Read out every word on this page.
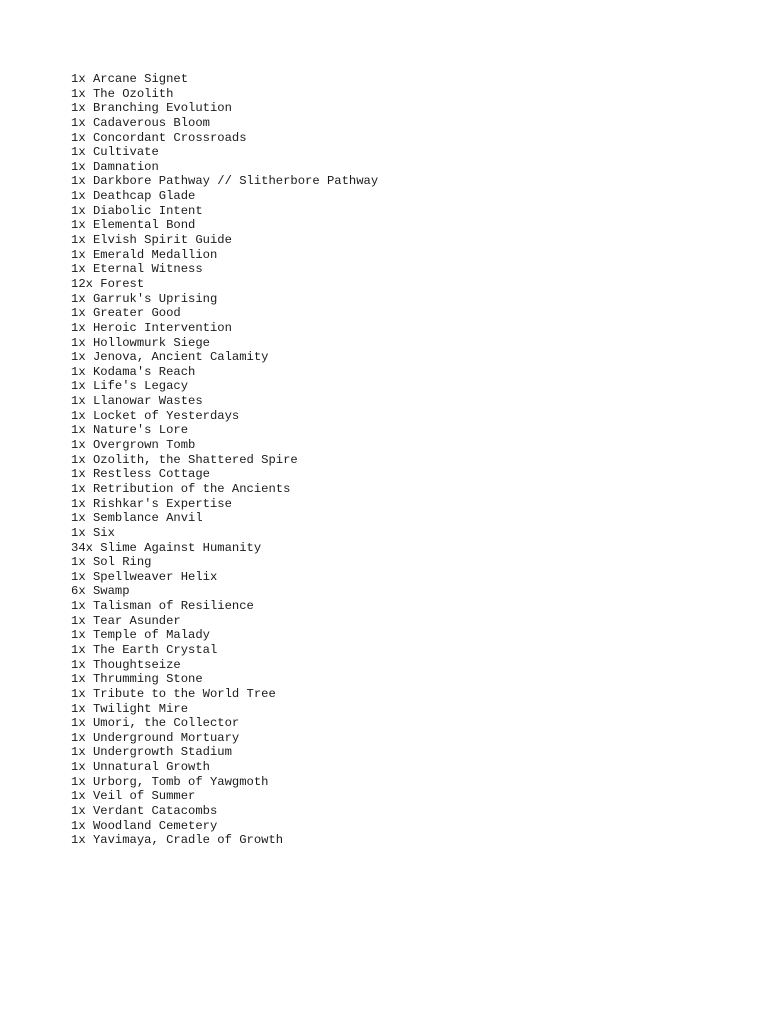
1x Arcane Signet
1x The Ozolith
1x Branching Evolution
1x Cadaverous Bloom
1x Concordant Crossroads
1x Cultivate
1x Damnation
1x Darkbore Pathway // Slitherbore Pathway
1x Deathcap Glade
1x Diabolic Intent
1x Elemental Bond
1x Elvish Spirit Guide
1x Emerald Medallion
1x Eternal Witness
12x Forest
1x Garruk's Uprising
1x Greater Good
1x Heroic Intervention
1x Hollowmurk Siege
1x Jenova, Ancient Calamity
1x Kodama's Reach
1x Life's Legacy
1x Llanowar Wastes
1x Locket of Yesterdays
1x Nature's Lore
1x Overgrown Tomb
1x Ozolith, the Shattered Spire
1x Restless Cottage
1x Retribution of the Ancients
1x Rishkar's Expertise
1x Semblance Anvil
1x Six
34x Slime Against Humanity
1x Sol Ring
1x Spellweaver Helix
6x Swamp
1x Talisman of Resilience
1x Tear Asunder
1x Temple of Malady
1x The Earth Crystal
1x Thoughtseize
1x Thrumming Stone
1x Tribute to the World Tree
1x Twilight Mire
1x Umori, the Collector
1x Underground Mortuary
1x Undergrowth Stadium
1x Unnatural Growth
1x Urborg, Tomb of Yawgmoth
1x Veil of Summer
1x Verdant Catacombs
1x Woodland Cemetery
1x Yavimaya, Cradle of Growth
